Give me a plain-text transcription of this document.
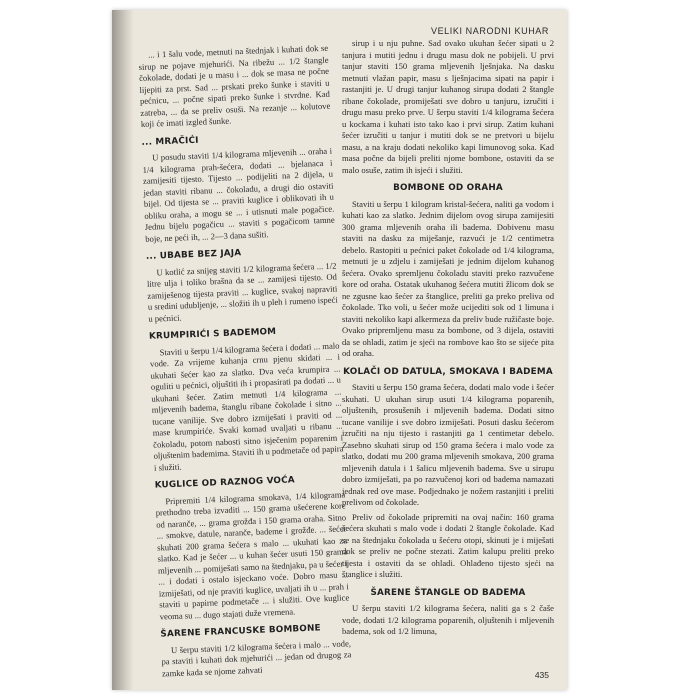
VELIKI NARODNI KUHAR

... i 1 šalu vode, metnuti na štednjak i kuhati dok se sirup ne pojave mjehurići. Na ribežu ... 1/2 štangle čokolade, dodati je u masu i ... dok se masa ne počne lijepiti za prst. Sad ... prskati preko šunke i staviti u pećnicu, ... počne sipati preko šunke i stvrdne. Kad zatreba, ... da se preliv osuši. Na rezanje ... kolutove koji će imati izgled šunke.

... MRAČIĆI

U posudu staviti 1/4 kilograma mljevenih ... oraha i 1/4 kilograma prah-šećera, dodati ... bjelanaca i zamijesiti tijesto. Tijesto ... podijeliti na 2 dijela, u jedan staviti ribanu ... čokoladu, a drugi dio ostaviti bijel. Od tijesta se ... praviti kuglice i oblikovati ih u obliku oraha, a mogu se ... i utisnuti male pogačice. Jednu bijelu pogačicu ... staviti s pogačicom tamne boje, ne peći ih, ... 2—3 dana sušiti.

... UBABE BEZ JAJA

U kotlić za snijeg staviti 1/2 kilograma šećera ... 1/2 litre ulja i toliko brašna da se ... zamijesi tijesto. Od zamiješenog tijesta praviti ... kuglice, svakoj napraviti u sredini udubljenje, ... složiti ih u pleh i rumeno ispeći u pećnici.

KRUMPIRIĆI S BADEMOM

Staviti u šerpu 1/4 kilograma šećera i dodati ... malo vode. Za vrijeme kuhanja crnu pjenu skidati ... i ukuhati šećer kao za slatko. Dva veća krumpira ... oguliti u pećnici, oljuštiti ih i propasirati pa dodati ... u ukuhani šećer. Zatim metnuti 1/4 kilograma ... mljevenih badema, štanglu ribane čokolade i sitno ... tucane vanilije. Sve dobro izmiješati i praviti od ... mase krumpiriće. Svaki komad uvaljati u ribanu ... čokoladu, potom nabosti sitno isječenim poparenim i oljuštenim bademima. Staviti ih u podmetače od papira i služiti.

KUGLICE OD RAZNOG VOĆA

Pripremiti 1/4 kilograma smokava, 1/4 kilograma prethodno treba izvaditi ... 150 grama ušećerene kore od naranče, ... grama grožđa i 150 grama oraha. Sitno ... smokve, datule, naranče, bademe i grožđe. ... šećer skuhati 200 grama šećera s malo ... ukuhati kao za slatko. Kad je šećer ... u kuhan šećer usuti 150 grama mljevenih ... pomiješati samo na štednjaku, pa u šećer i ... i dodati i ostalo isjeckano voće. Dobro masu ... izmiješati, od nje praviti kuglice, uvaljati ih u ... prah i staviti u papirne podmetače ... i služiti. Ove kuglice veoma su ... dugo stajati duže vremena.

ŠARENE FRANCUSKE BOMBONE

U šerpu staviti 1/2 kilograma šećera i malo ... vode, pa staviti i kuhati dok mjehurići ... jedan od drugog za zamke kada se njome zahvati

sirup i u nju puhne. Sad ovako ukuhan šećer sipati u 2 tanjura i mutiti jednu i drugu masu dok ne pobijeli. U prvi tanjur staviti 150 grama mljevenih lješnjaka. Na dasku metnuti vlažan papir, masu s lješnjacima sipati na papir i rastanjiti je. U drugi tanjur kuhanog sirupa dodati 2 štangle ribane čokolade, promiješati sve dobro u tanjuru, izručiti i drugu masu preko prve. U šerpu staviti 1/4 kilograma šećera u kockama i kuhati isto tako kao i prvi sirup. Zatim kuhani šećer izručiti u tanjur i mutiti dok se ne pretvori u bijelu masu, a na kraju dodati nekoliko kapi limunovog soka. Kad masa počne da bijeli preliti njome bombone, ostaviti da se malo osuše, zatim ih isjeći i služiti.

BOMBONE OD ORAHA

Staviti u šerpu 1 kilogram kristal-šećera, naliti ga vodom i kuhati kao za slatko. Jednim dijelom ovog sirupa zamijesiti 300 grama mljevenih oraha ili badema. Dobivenu masu staviti na dasku za miješanje, razvući je 1/2 centimetra debelo. Rastopiti u pećnici paket čokolade od 1/4 kilograma, metnuti je u zdjelu i zamiješati je jednim dijelom kuhanog šećera. Ovako spremljenu čokoladu staviti preko razvučene kore od oraha. Ostatak ukuhanog šećera mutiti žlicom dok se ne zgusne kao šećer za štanglice, preliti ga preko preliva od čokolade. Tko voli, u šećer može ucijediti sok od 1 limuna i staviti nekoliko kapi alkermeza da preliv bude ružičaste boje. Ovako pripremljenu masu za bombone, od 3 dijela, ostaviti da se ohladi, zatim je sjeći na rombove kao što se sijeće pita od oraha.

KOLAČI OD DATULA, SMOKAVA I BADEMA

Staviti u šerpu 150 grama šećera, dodati malo vode i šećer skuhati. U ukuhan sirup usuti 1/4 kilograma poparenih, oljuštenih, prosušenih i mljevenih badema. Dodati sitno tucane vanilije i sve dobro izmiješati. Posuti dasku šećerom izručiti na nju tijesto i rastanjiti ga 1 centimetar debelo. Zasebno skuhati sirup od 150 grama šećera i malo vode za slatko, dodati mu 200 grama mljevenih smokava, 200 grama mljevenih datula i 1 šalicu mljevenih badema. Sve u sirupu dobro izmiješati, pa po razvučenoj kori od badema namazati jednak red ove mase. Podjednako je nožem rastanjiti i preliti prelivom od čokolade.

Preliv od čokolade pripremiti na ovaj način: 160 grama šećera skuhati s malo vode i dodati 2 štangle čokolade. Kad se na štednjaku čokolada u šećeru otopi, skinuti je i miješati dok se preliv ne počne stezati. Zatim kalupu preliti preko tijesta i ostaviti da se ohladi. Ohlađeno tijesto sjeći na štanglice i služiti.

ŠARENE ŠTANGLE OD BADEMA

U šerpu staviti 1/2 kilograma šećera, naliti ga s 2 čaše vode, dodati 1/2 kilograma poparenih, oljuštenih i mljevenih badema, sok od 1/2 limuna,

435
